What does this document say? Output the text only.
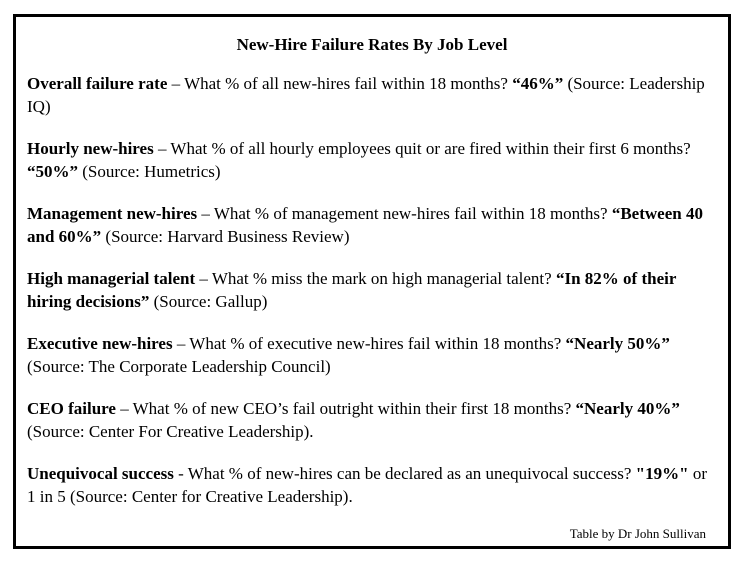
New-Hire Failure Rates By Job Level

Overall failure rate – What % of all new-hires fail within 18 months? “46%” (Source: Leadership IQ)

Hourly new-hires – What % of all hourly employees quit or are fired within their first 6 months? “50%” (Source: Humetrics)

Management new-hires – What % of management new-hires fail within 18 months? “Between 40 and 60%” (Source: Harvard Business Review)

High managerial talent – What % miss the mark on high managerial talent? “In 82% of their hiring decisions” (Source: Gallup)

Executive new-hires – What % of executive new-hires fail within 18 months? “Nearly 50%” (Source: The Corporate Leadership Council)

CEO failure – What % of new CEO’s fail outright within their first 18 months? “Nearly 40%” (Source: Center For Creative Leadership).

Unequivocal success - What % of new-hires can be declared as an unequivocal success? "19%" or 1 in 5 (Source: Center for Creative Leadership).

Table by Dr John Sullivan
